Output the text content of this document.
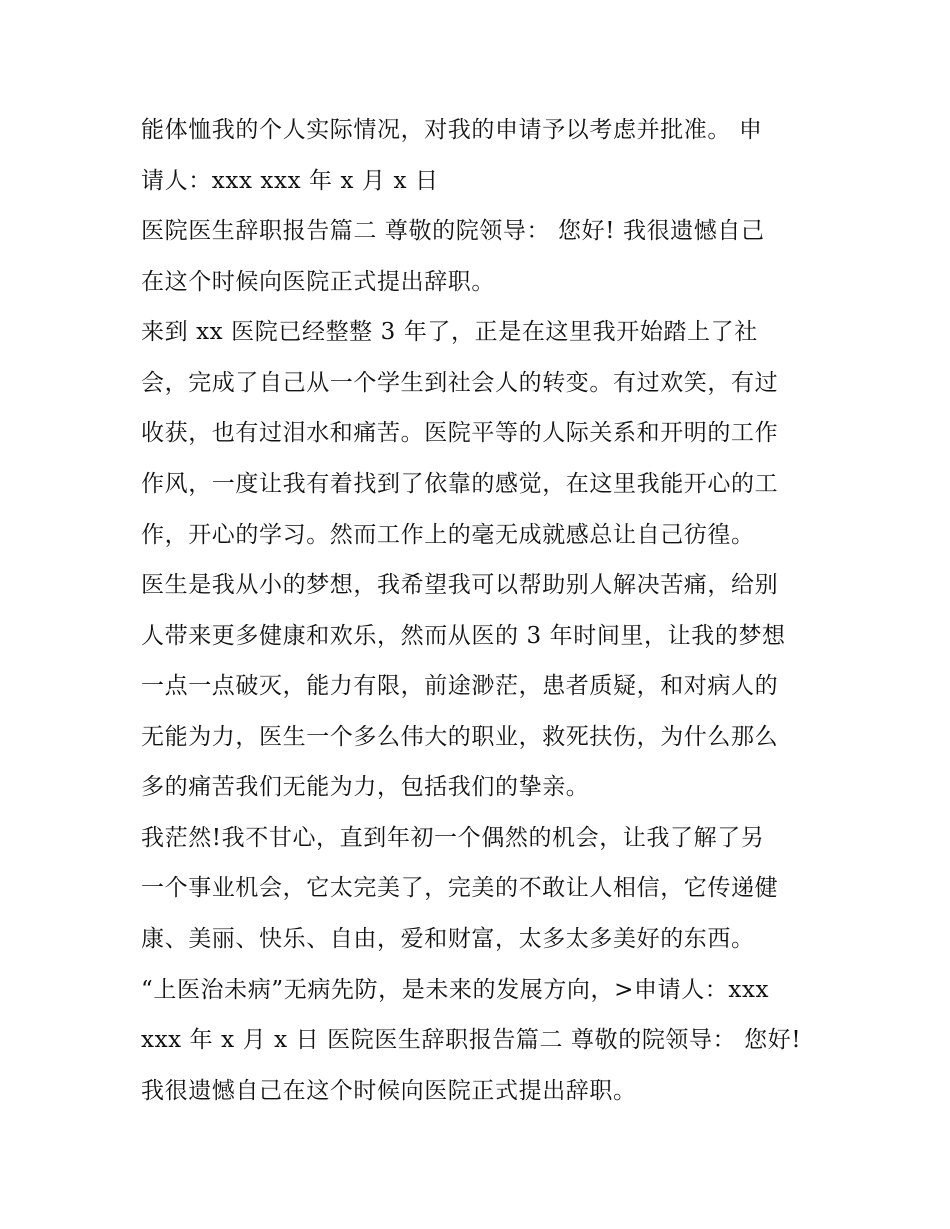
能体恤我的个人实际情况，对我的申请予以考虑并批准。 申
请人：xxx xxx 年 x 月 x 日
医院医生辞职报告篇二 尊敬的院领导： 您好! 我很遗憾自己
在这个时候向医院正式提出辞职。
来到 xx 医院已经整整 3 年了，正是在这里我开始踏上了社
会，完成了自己从一个学生到社会人的转变。有过欢笑，有过
收获，也有过泪水和痛苦。医院平等的人际关系和开明的工作
作风，一度让我有着找到了依靠的感觉，在这里我能开心的工
作，开心的学习。然而工作上的毫无成就感总让自己彷徨。
医生是我从小的梦想，我希望我可以帮助别人解决苦痛，给别
人带来更多健康和欢乐，然而从医的 3 年时间里，让我的梦想
一点一点破灭，能力有限，前途渺茫，患者质疑，和对病人的
无能为力，医生一个多么伟大的职业，救死扶伤，为什么那么
多的痛苦我们无能为力，包括我们的挚亲。
我茫然!我不甘心，直到年初一个偶然的机会，让我了解了另
一个事业机会，它太完美了，完美的不敢让人相信，它传递健
康、美丽、快乐、自由，爱和财富，太多太多美好的东西。
“上医治未病”无病先防，是未来的发展方向，>申请人：xxx
xxx 年 x 月 x 日 医院医生辞职报告篇二 尊敬的院领导： 您好!
我很遗憾自己在这个时候向医院正式提出辞职。
